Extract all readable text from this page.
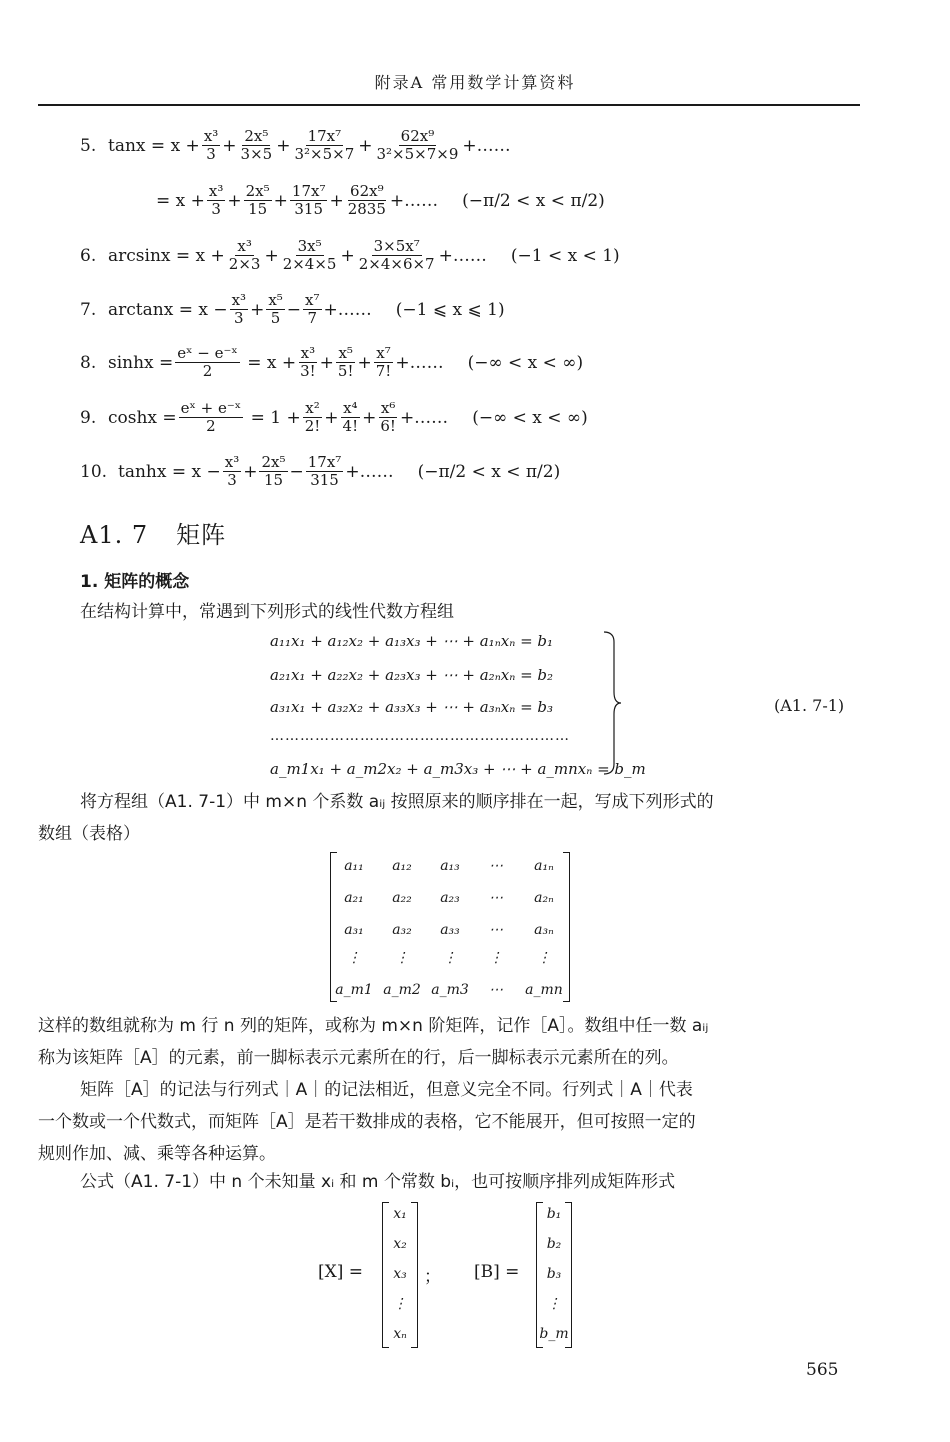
附录A 常用数学计算资料
5. tanx =
$x + \frac{\text{x³}}{3} + \frac{\text{2x⁵}}{3\times 5} + \frac{\text{17x⁷}}{\text{3²×5×7}} + \frac{\text{62x⁹}}{\text{3²×5×7×9}}$ +……
= $x + \frac{\text{x³}}{3} + \frac{\text{2x⁵}}{15} + \frac{\text{17x⁷}}{315} + \frac{\text{62x⁹}}{2835}$ +…… (−π/2 < x < π/2)
6. $\arcsin x = x + \frac{\text{x³}}{2\times 3} + \frac{\text{3x⁵}}{2\times 4\times 5} + \frac{\text{3×5x⁷}}{2\times 4\times 6\times 7}$ +…… (−1 < x < 1)
7. $\arctan x = x - \frac{\text{x³}}{3} + \frac{\text{x⁵}}{5} - \frac{\text{x⁷}}{7}$ +…… (−1 ⩽ x ⩽ 1)
8. $\sinh x = \frac{\text{eˣ − e⁻ˣ}}{2}$
= $x + \frac{\text{x³}}{3!} + \frac{\text{x⁵}}{5!} + \frac{\text{x⁷}}{7!}$ +…… (−∞ < x < ∞)
9. $\cosh x = \frac{\text{eˣ + e⁻ˣ}}{2}$
=
$1 + \frac{\text{x²}}{2!} + \frac{\text{x⁴}}{4!} + \frac{\text{x⁶}}{6!}$ +…… (−∞ < x < ∞)
10. $\tanh x = x - \frac{\text{x³}}{3} + \frac{\text{2x⁵}}{15} - \frac{\text{17x⁷}}{315}$ +…… (−π/2 < x < π/2)
A1. 7 矩阵
1. 矩阵的概念
在结构计算中，常遇到下列形式的线性代数方程组
a₁₁x₁ + a₁₂x₂ + a₁₃x₃ + ⋯ + a₁ₙxₙ = b₁
a₂₁x₁ + a₂₂x₂ + a₂₃x₃ + ⋯ + a₂ₙxₙ = b₂
a₃₁x₁ + a₃₂x₂ + a₃₃x₃ + ⋯ + a₃ₙxₙ = b₃
……………………………………………………
a_m1x₁ + a_m2x₂ + a_m3x₃ + ⋯ + a_mnxₙ = b_m
(A1. 7-1)
将方程组（A1. 7-1）中 m×n 个系数 aᵢⱼ 按照原来的顺序排在一起，写成下列形式的
数组（表格）
a₁₁	a₁₂	a₁₃	⋯	a₁ₙ
a₂₁	a₂₂	a₂₃	⋯	a₂ₙ
a₃₁	a₃₂	a₃₃	⋯	a₃ₙ
⋮	⋮	⋮	⋮	⋮
a_m1 a_m2 a_m3	⋯	a_mn
这样的数组就称为 m 行 n 列的矩阵，或称为 m×n 阶矩阵，记作［A］。数组中任一数 aᵢⱼ
称为该矩阵［A］的元素，前一脚标表示元素所在的行，后一脚标表示元素所在的列。
矩阵［A］的记法与行列式｜A｜的记法相近，但意义完全不同。行列式｜A｜代表
一个数或一个代数式，而矩阵［A］是若干数排成的表格，它不能展开，但可按照一定的
规则作加、减、乘等各种运算。
公式（A1. 7-1）中 n 个未知量 xᵢ 和 m 个常数 bᵢ，也可按顺序排列成矩阵形式
[X] =
x₁
x₂
x₃
⋮
xₙ
； [B] =
b₁
b₂
b₃
⋮
b_m
565
